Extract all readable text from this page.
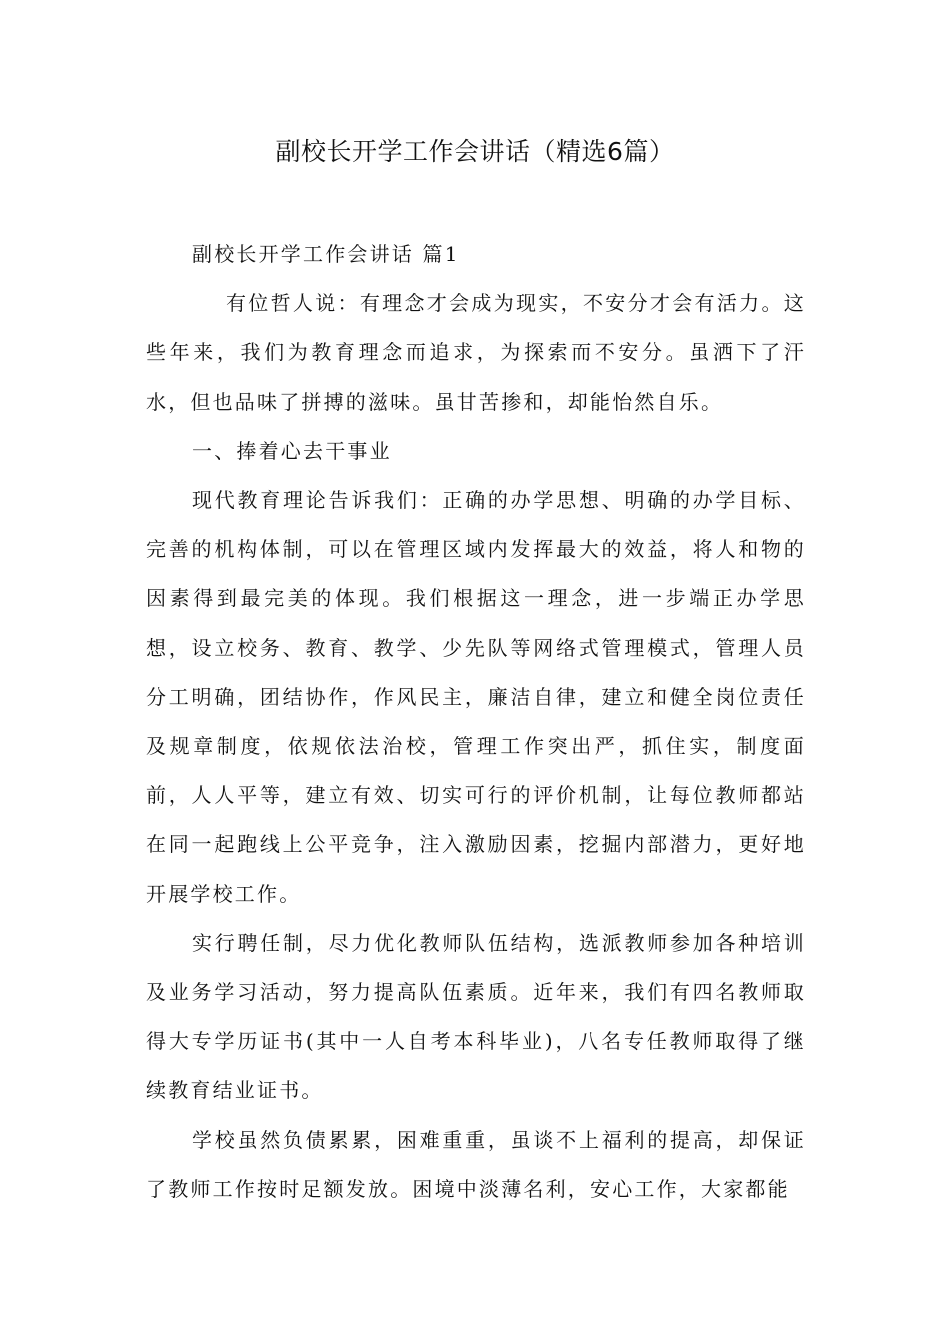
副校长开学工作会讲话（精选6篇）

副校长开学工作会讲话 篇1

有位哲人说：有理念才会成为现实，不安分才会有活力。这些年来，我们为教育理念而追求，为探索而不安分。虽洒下了汗水，但也品味了拼搏的滋味。虽甘苦掺和，却能怡然自乐。

一、捧着心去干事业

现代教育理论告诉我们：正确的办学思想、明确的办学目标、完善的机构体制，可以在管理区域内发挥最大的效益，将人和物的因素得到最完美的体现。我们根据这一理念，进一步端正办学思想，设立校务、教育、教学、少先队等网络式管理模式，管理人员分工明确，团结协作，作风民主，廉洁自律，建立和健全岗位责任及规章制度，依规依法治校，管理工作突出严，抓住实，制度面前，人人平等，建立有效、切实可行的评价机制，让每位教师都站在同一起跑线上公平竞争，注入激励因素，挖掘内部潜力，更好地开展学校工作。

实行聘任制，尽力优化教师队伍结构，选派教师参加各种培训及业务学习活动，努力提高队伍素质。近年来，我们有四名教师取得大专学历证书(其中一人自考本科毕业)，八名专任教师取得了继续教育结业证书。

学校虽然负债累累，困难重重，虽谈不上福利的提高，却保证了教师工作按时足额发放。困境中淡薄名利，安心工作，大家都能
